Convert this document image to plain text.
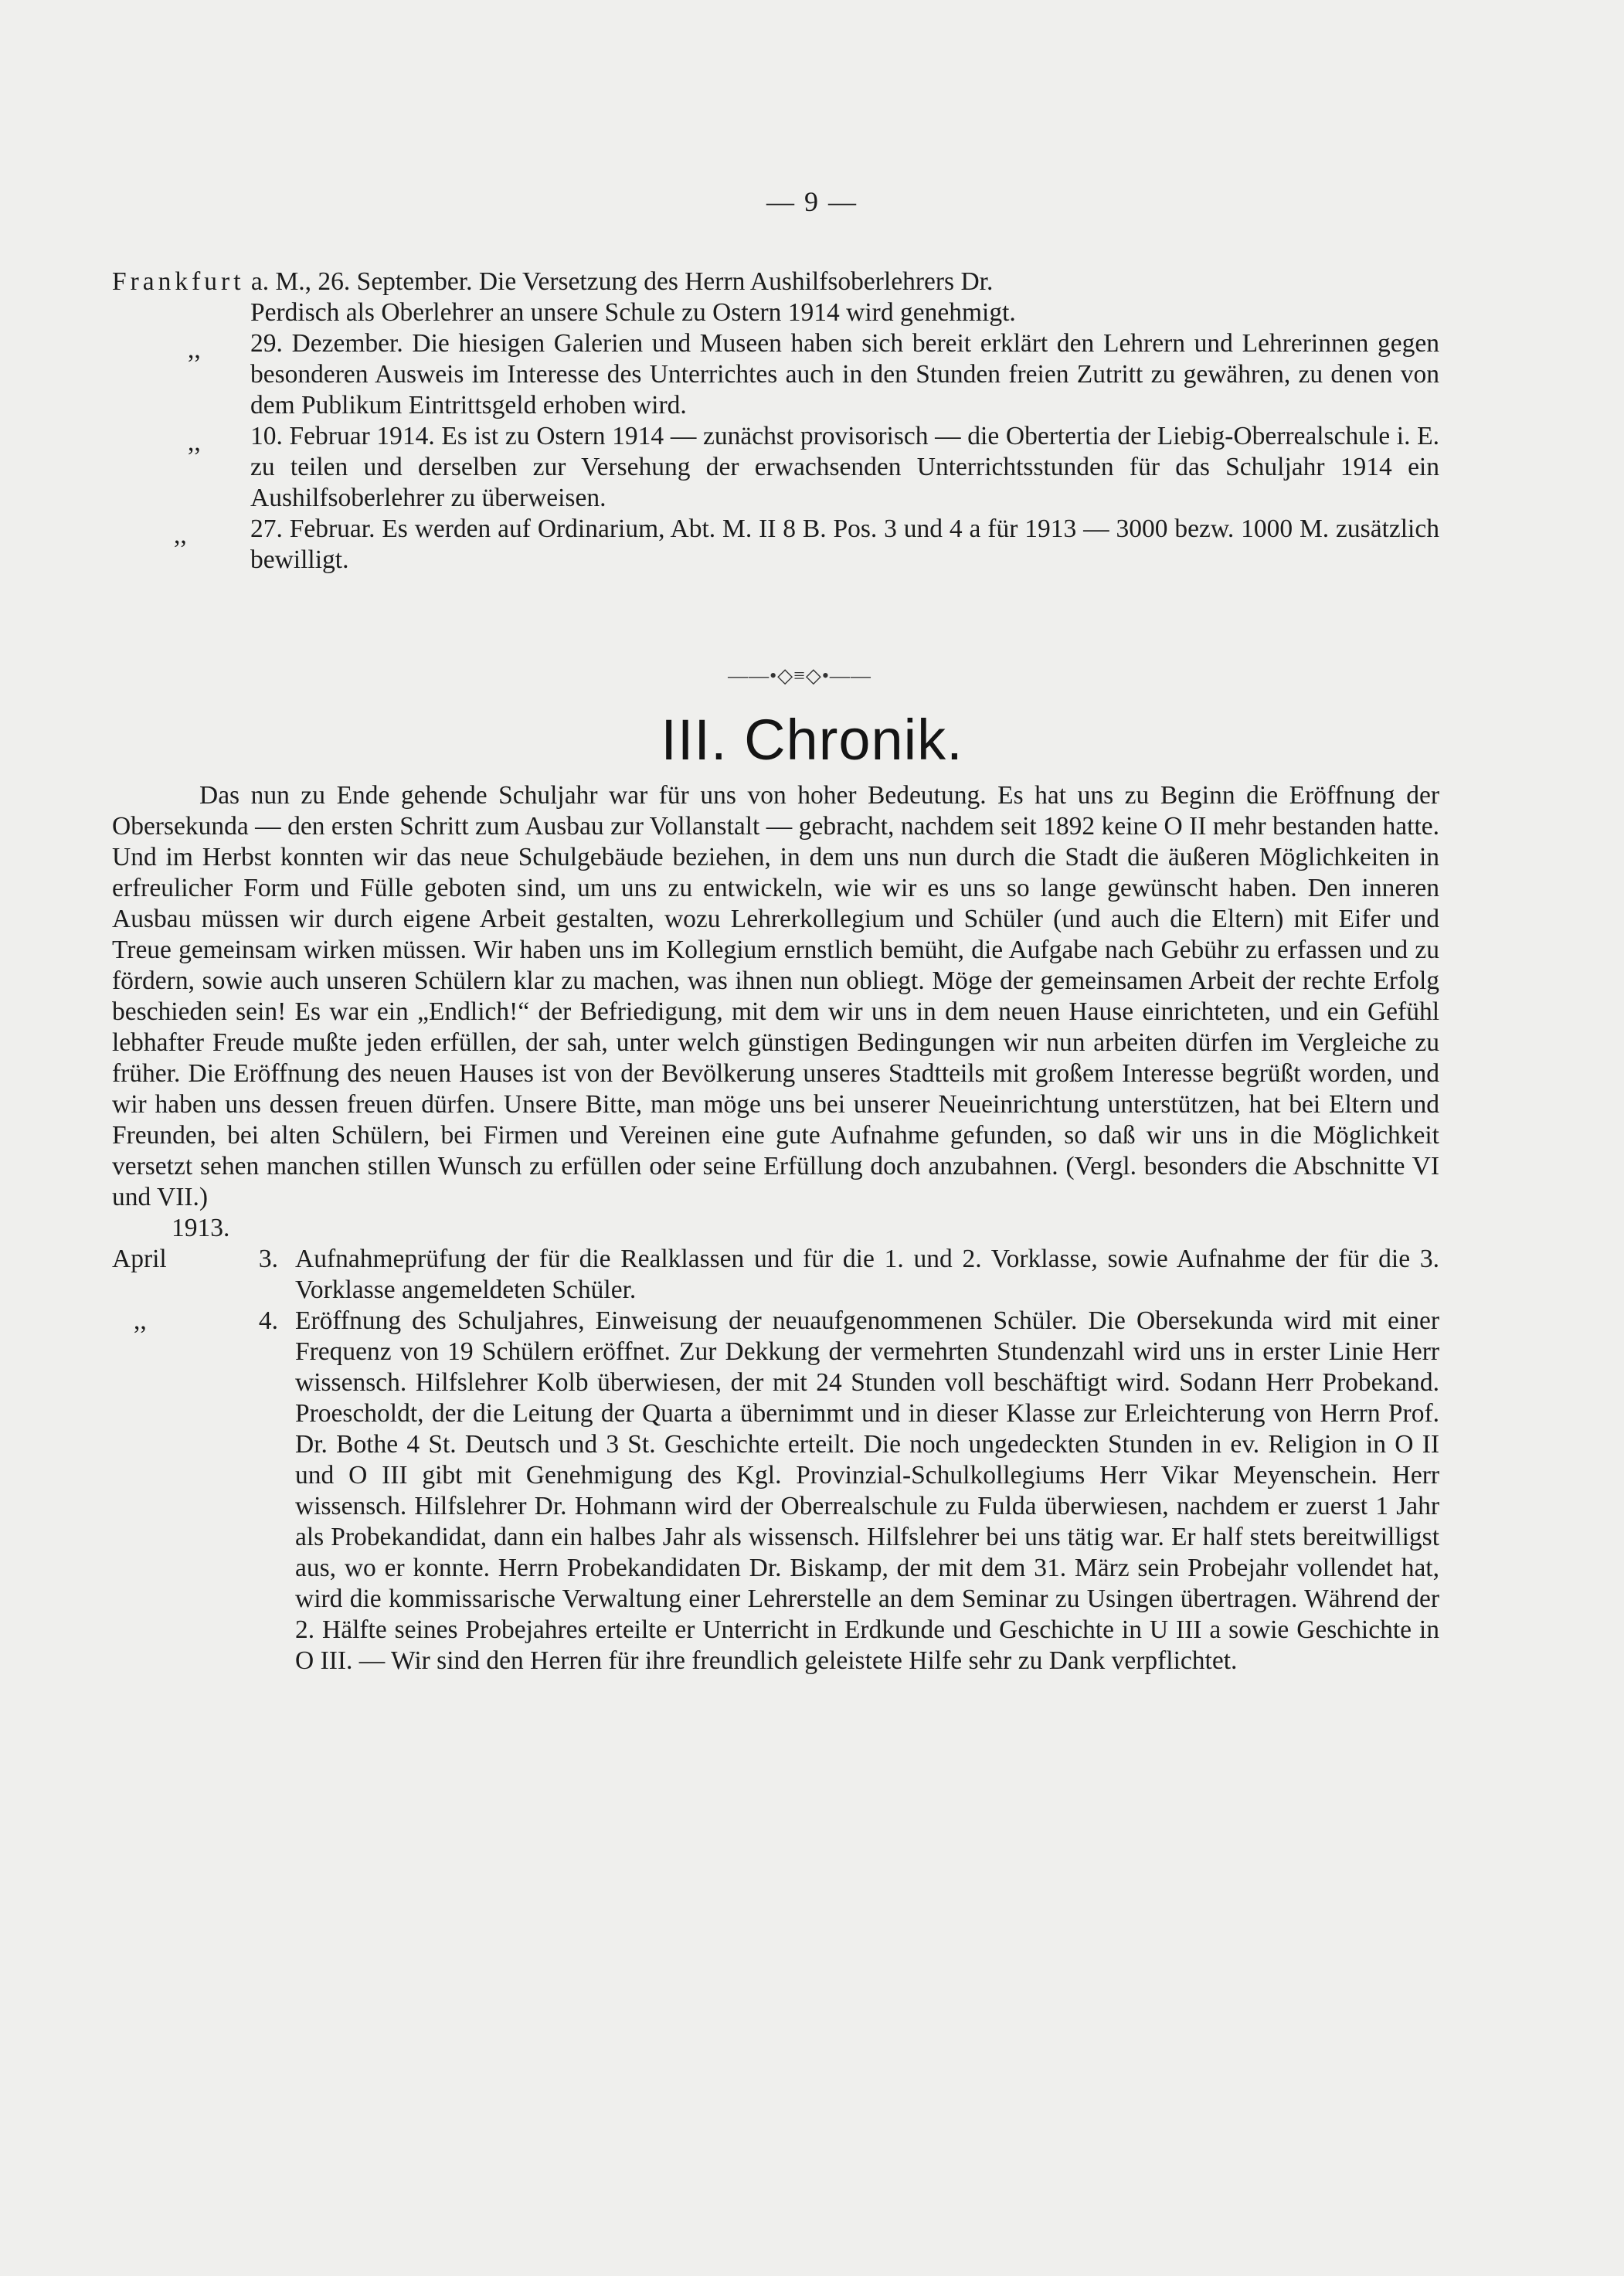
— 9 —
Frankfurt a. M., 26. September. Die Versetzung des Herrn Aushilfsoberlehrers Dr.
Perdisch als Oberlehrer an unsere Schule zu Ostern 1914 wird genehmigt.
,,	29. Dezember. Die hiesigen Galerien und Museen haben sich bereit erklärt den Lehrern und Lehrerinnen gegen besonderen Ausweis im Interesse des Unterrichtes auch in den Stunden freien Zutritt zu gewähren, zu denen von dem Publikum Eintrittsgeld erhoben wird.
,,	10. Februar 1914. Es ist zu Ostern 1914 — zunächst provisorisch — die Obertertia der Liebig-Oberrealschule i. E. zu teilen und derselben zur Versehung der erwachsenden Unterrichtsstunden für das Schuljahr 1914 ein Aushilfsoberlehrer zu überweisen.
,,	27. Februar. Es werden auf Ordinarium, Abt. M. II 8 B. Pos. 3 und 4 a für 1913 — 3000 bezw. 1000 M. zusätzlich bewilligt.
——•◇≡◇•——
III. Chronik.
Das nun zu Ende gehende Schuljahr war für uns von hoher Bedeutung. Es hat uns zu Beginn die Eröffnung der Obersekunda — den ersten Schritt zum Ausbau zur Vollanstalt — gebracht, nachdem seit 1892 keine O II mehr bestanden hatte. Und im Herbst konnten wir das neue Schulgebäude beziehen, in dem uns nun durch die Stadt die äußeren Möglichkeiten in erfreulicher Form und Fülle geboten sind, um uns zu entwickeln, wie wir es uns so lange gewünscht haben. Den inneren Ausbau müssen wir durch eigene Arbeit gestalten, wozu Lehrerkollegium und Schüler (und auch die Eltern) mit Eifer und Treue gemeinsam wirken müssen. Wir haben uns im Kollegium ernstlich bemüht, die Aufgabe nach Gebühr zu erfassen und zu fördern, sowie auch unseren Schülern klar zu machen, was ihnen nun obliegt. Möge der gemeinsamen Arbeit der rechte Erfolg beschieden sein! Es war ein „Endlich!“ der Befriedigung, mit dem wir uns in dem neuen Hause einrichteten, und ein Gefühl lebhafter Freude mußte jeden erfüllen, der sah, unter welch günstigen Bedingungen wir nun arbeiten dürfen im Vergleiche zu früher. Die Eröffnung des neuen Hauses ist von der Bevölkerung unseres Stadtteils mit großem Interesse begrüßt worden, und wir haben uns dessen freuen dürfen. Unsere Bitte, man möge uns bei unserer Neueinrichtung unterstützen, hat bei Eltern und Freunden, bei alten Schülern, bei Firmen und Vereinen eine gute Aufnahme gefunden, so daß wir uns in die Möglichkeit versetzt sehen manchen stillen Wunsch zu erfüllen oder seine Erfüllung doch anzubahnen. (Vergl. besonders die Abschnitte VI und VII.)
1913.
April	3. Aufnahmeprüfung der für die Realklassen und für die 1. und 2. Vorklasse, sowie Aufnahme der für die 3. Vorklasse angemeldeten Schüler.
,,	4. Eröffnung des Schuljahres, Einweisung der neuaufgenommenen Schüler. Die Obersekunda wird mit einer Frequenz von 19 Schülern eröffnet. Zur Dekkung der vermehrten Stundenzahl wird uns in erster Linie Herr wissensch. Hilfslehrer Kolb überwiesen, der mit 24 Stunden voll beschäftigt wird. Sodann Herr Probekand. Proescholdt, der die Leitung der Quarta a übernimmt und in dieser Klasse zur Erleichterung von Herrn Prof. Dr. Bothe 4 St. Deutsch und 3 St. Geschichte erteilt. Die noch ungedeckten Stunden in ev. Religion in O II und O III gibt mit Genehmigung des Kgl. Provinzial-Schulkollegiums Herr Vikar Meyenschein. Herr wissensch. Hilfslehrer Dr. Hohmann wird der Oberrealschule zu Fulda überwiesen, nachdem er zuerst 1 Jahr als Probekandidat, dann ein halbes Jahr als wissensch. Hilfslehrer bei uns tätig war. Er half stets bereitwilligst aus, wo er konnte. Herrn Probekandidaten Dr. Biskamp, der mit dem 31. März sein Probejahr vollendet hat, wird die kommissarische Verwaltung einer Lehrerstelle an dem Seminar zu Usingen übertragen. Während der 2. Hälfte seines Probejahres erteilte er Unterricht in Erdkunde und Geschichte in U III a sowie Geschichte in O III. — Wir sind den Herren für ihre freundlich geleistete Hilfe sehr zu Dank verpflichtet.
